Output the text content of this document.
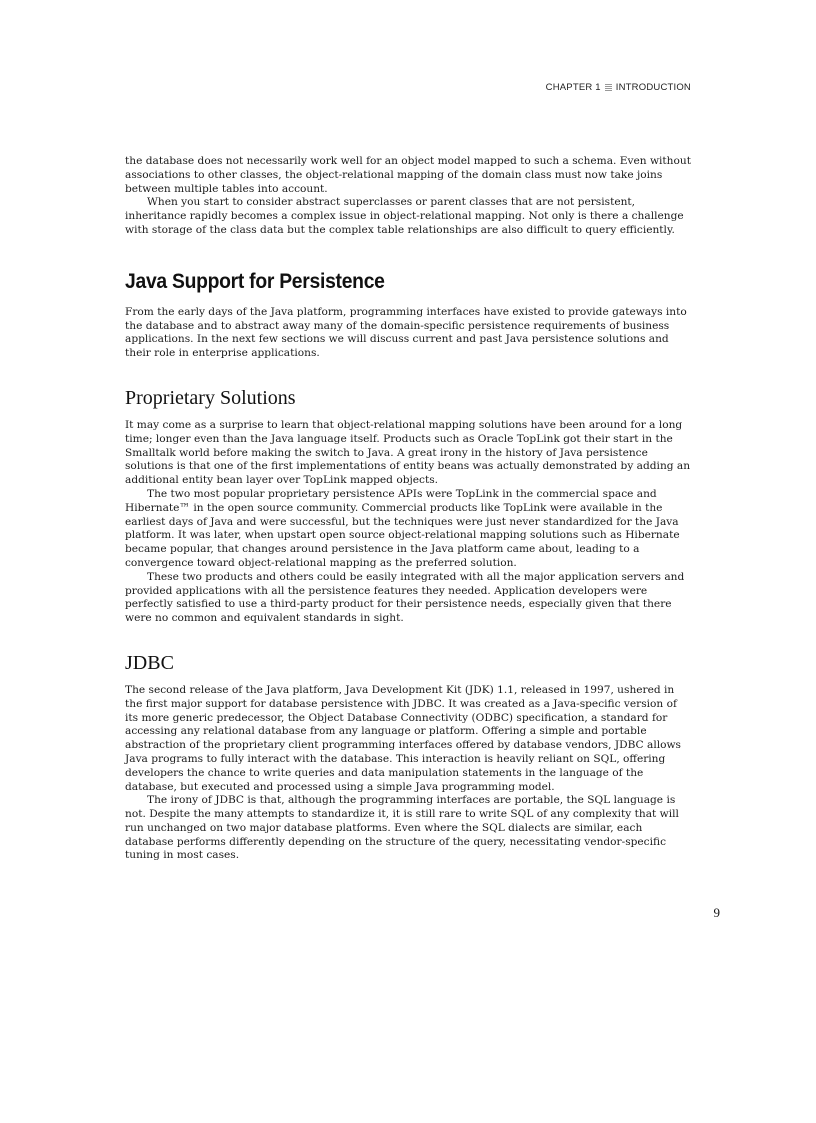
CHAPTER 1 INTRODUCTION

the database does not necessarily work well for an object model mapped to such a schema. Even without associations to other classes, the object-relational mapping of the domain class must now take joins between multiple tables into account.

When you start to consider abstract superclasses or parent classes that are not persistent, inheritance rapidly becomes a complex issue in object-relational mapping. Not only is there a challenge with storage of the class data but the complex table relationships are also difficult to query efficiently.

Java Support for Persistence

From the early days of the Java platform, programming interfaces have existed to provide gateways into the database and to abstract away many of the domain-specific persistence requirements of business applications. In the next few sections we will discuss current and past Java persistence solutions and their role in enterprise applications.

Proprietary Solutions

It may come as a surprise to learn that object-relational mapping solutions have been around for a long time; longer even than the Java language itself. Products such as Oracle TopLink got their start in the Smalltalk world before making the switch to Java. A great irony in the history of Java persistence solutions is that one of the first implementations of entity beans was actually demonstrated by adding an additional entity bean layer over TopLink mapped objects.

The two most popular proprietary persistence APIs were TopLink in the commercial space and Hibernate™ in the open source community. Commercial products like TopLink were available in the earliest days of Java and were successful, but the techniques were just never standardized for the Java platform. It was later, when upstart open source object-relational mapping solutions such as Hibernate became popular, that changes around persistence in the Java platform came about, leading to a convergence toward object-relational mapping as the preferred solution.

These two products and others could be easily integrated with all the major application servers and provided applications with all the persistence features they needed. Application developers were perfectly satisfied to use a third-party product for their persistence needs, especially given that there were no common and equivalent standards in sight.

JDBC

The second release of the Java platform, Java Development Kit (JDK) 1.1, released in 1997, ushered in the first major support for database persistence with JDBC. It was created as a Java-specific version of its more generic predecessor, the Object Database Connectivity (ODBC) specification, a standard for accessing any relational database from any language or platform. Offering a simple and portable abstraction of the proprietary client programming interfaces offered by database vendors, JDBC allows Java programs to fully interact with the database. This interaction is heavily reliant on SQL, offering developers the chance to write queries and data manipulation statements in the language of the database, but executed and processed using a simple Java programming model.

The irony of JDBC is that, although the programming interfaces are portable, the SQL language is not. Despite the many attempts to standardize it, it is still rare to write SQL of any complexity that will run unchanged on two major database platforms. Even where the SQL dialects are similar, each database performs differently depending on the structure of the query, necessitating vendor-specific tuning in most cases.

9
